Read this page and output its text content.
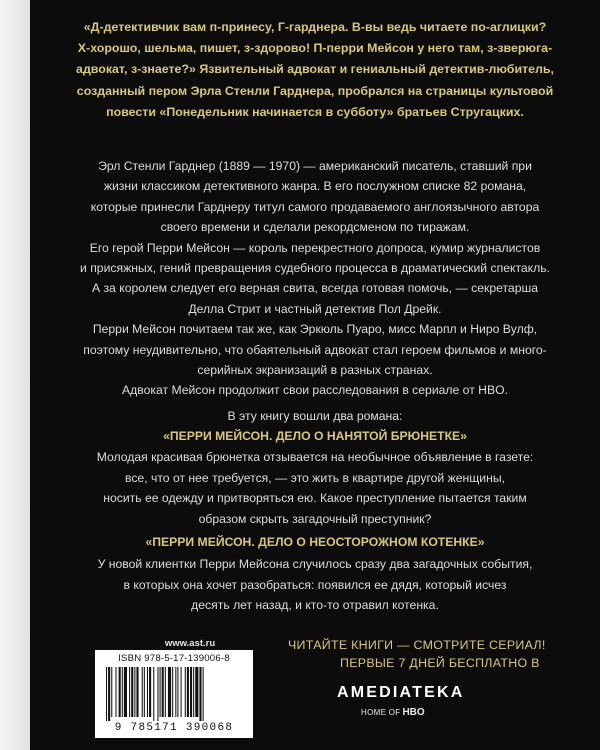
«Д-детективчик вам п-принесу, Г-гарднера. В-вы ведь читаете по-аглицки?
Х-хорошо, шельма, пишет, з-здорово! П-перри Мейсон у него там, з-зверюга-
адвокат, з-знаете?» Язвительный адвокат и гениальный детектив-любитель,
созданный пером Эрла Стенли Гарднера, пробрался на страницы культовой
повести «Понедельник начинается в субботу» братьев Стругацких.
Эрл Стенли Гарднер (1889 — 1970) — американский писатель, ставший при
жизни классиком детективного жанра. В его послужном списке 82 романа,
которые принесли Гарднеру титул самого продаваемого англоязычного автора
своего времени и сделали рекордсменом по тиражам.
Его герой Перри Мейсон — король перекрестного допроса, кумир журналистов
и присяжных, гений превращения судебного процесса в драматический спектакль.
А за королем следует его верная свита, всегда готовая помочь, — секретарша
Делла Стрит и частный детектив Пол Дрейк.
Перри Мейсон почитаем так же, как Эркюль Пуаро, мисс Марпл и Ниро Вулф,
поэтому неудивительно, что обаятельный адвокат стал героем фильмов и много-
серийных экранизаций в разных странах.
Адвокат Мейсон продолжит свои расследования в сериале от HBO.
В эту книгу вошли два романа:
«ПЕРРИ МЕЙСОН. ДЕЛО О НАНЯТОЙ БРЮНЕТКЕ»
Молодая красивая брюнетка отзывается на необычное объявление в газете:
все, что от нее требуется, — это жить в квартире другой женщины,
носить ее одежду и притворяться ею. Какое преступление пытается таким
образом скрыть загадочный преступник?
«ПЕРРИ МЕЙСОН. ДЕЛО О НЕОСТОРОЖНОМ КОТЕНКЕ»
У новой клиентки Перри Мейсона случилось сразу два загадочных события,
в которых она хочет разобраться: появился ее дядя, который исчез
десять лет назад, и кто-то отравил котенка.
www.ast.ru
ISBN 978-5-17-139006-8
9 785171 390068
ЧИТАЙТЕ КНИГИ — СМОТРИТЕ СЕРИАЛ!
ПЕРВЫЕ 7 ДНЕЙ БЕСПЛАТНО В
AMEDIATEKA
HOME OF HBO
